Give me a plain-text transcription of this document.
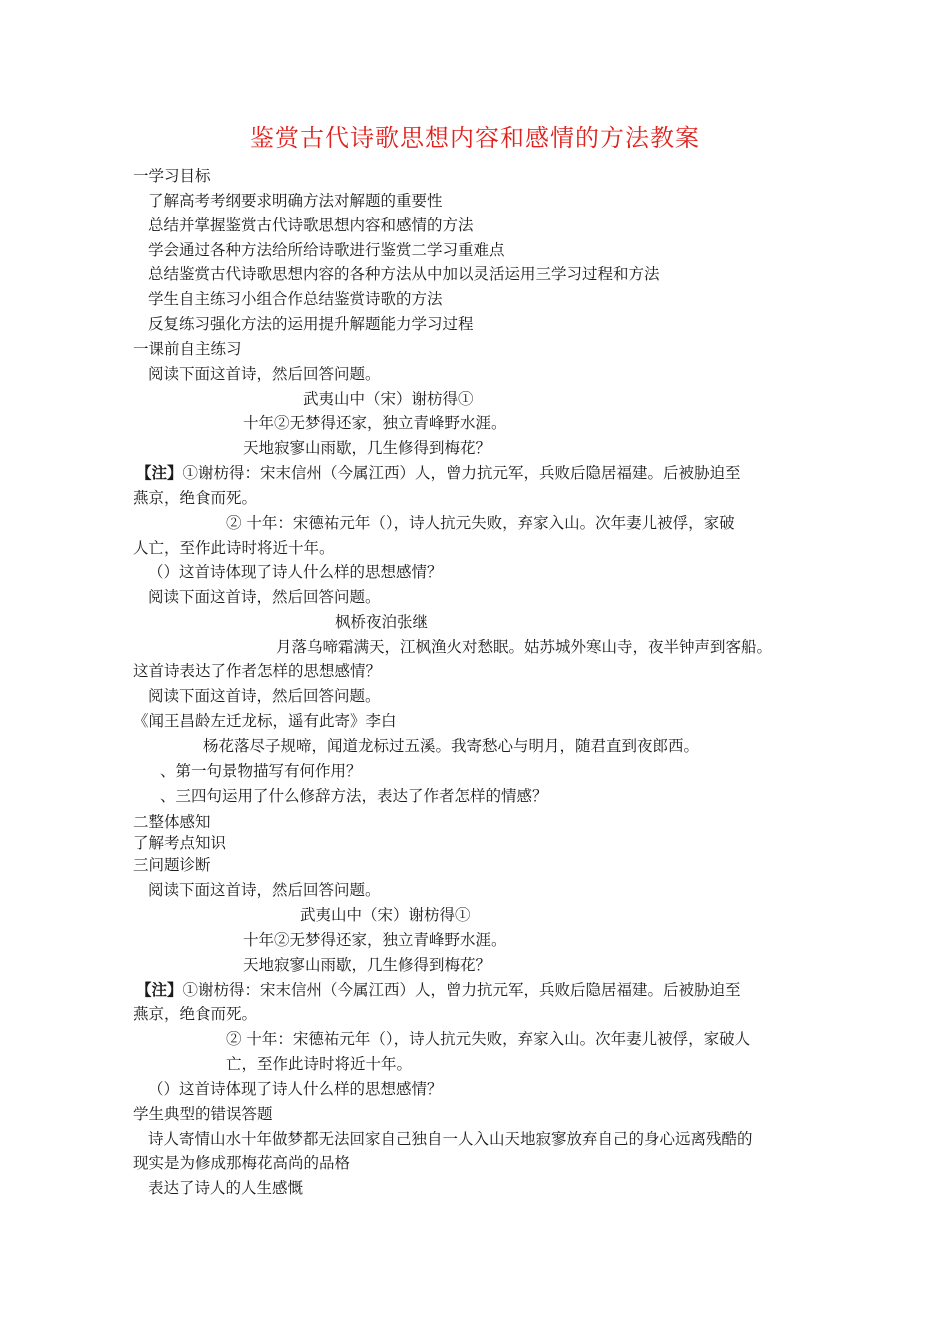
鉴赏古代诗歌思想内容和感情的方法教案
一学习目标
了解高考考纲要求明确方法对解题的重要性
总结并掌握鉴赏古代诗歌思想内容和感情的方法
学会通过各种方法给所给诗歌进行鉴赏二学习重难点
总结鉴赏古代诗歌思想内容的各种方法从中加以灵活运用三学习过程和方法
学生自主练习小组合作总结鉴赏诗歌的方法
反复练习强化方法的运用提升解题能力学习过程
一课前自主练习
阅读下面这首诗，然后回答问题。
武夷山中（宋）谢枋得①
十年②无梦得还家，独立青峰野水涯。
天地寂寥山雨歇，几生修得到梅花？
【注】①谢枋得：宋末信州（今属江西）人，曾力抗元军，兵败后隐居福建。后被胁迫至
燕京，绝食而死。
② 十年：宋德祐元年（），诗人抗元失败，弃家入山。次年妻儿被俘，家破
人亡，至作此诗时将近十年。
（）这首诗体现了诗人什么样的思想感情？
阅读下面这首诗，然后回答问题。
枫桥夜泊张继
月落乌啼霜满天，江枫渔火对愁眠。姑苏城外寒山寺，夜半钟声到客船。
这首诗表达了作者怎样的思想感情？
阅读下面这首诗，然后回答问题。
《闻王昌龄左迁龙标，遥有此寄》李白
杨花落尽子规啼，闻道龙标过五溪。我寄愁心与明月，随君直到夜郎西。
、第一句景物描写有何作用？
、三四句运用了什么修辞方法，表达了作者怎样的情感？
二整体感知
了解考点知识
三问题诊断
阅读下面这首诗，然后回答问题。
武夷山中（宋）谢枋得①
十年②无梦得还家，独立青峰野水涯。
天地寂寥山雨歇，几生修得到梅花？
【注】①谢枋得：宋末信州（今属江西）人，曾力抗元军，兵败后隐居福建。后被胁迫至
燕京，绝食而死。
② 十年：宋德祐元年（），诗人抗元失败，弃家入山。次年妻儿被俘，家破人
亡，至作此诗时将近十年。
（）这首诗体现了诗人什么样的思想感情？
学生典型的错误答题
诗人寄情山水十年做梦都无法回家自己独自一人入山天地寂寥放弃自己的身心远离残酷的
现实是为修成那梅花高尚的品格
表达了诗人的人生感慨
